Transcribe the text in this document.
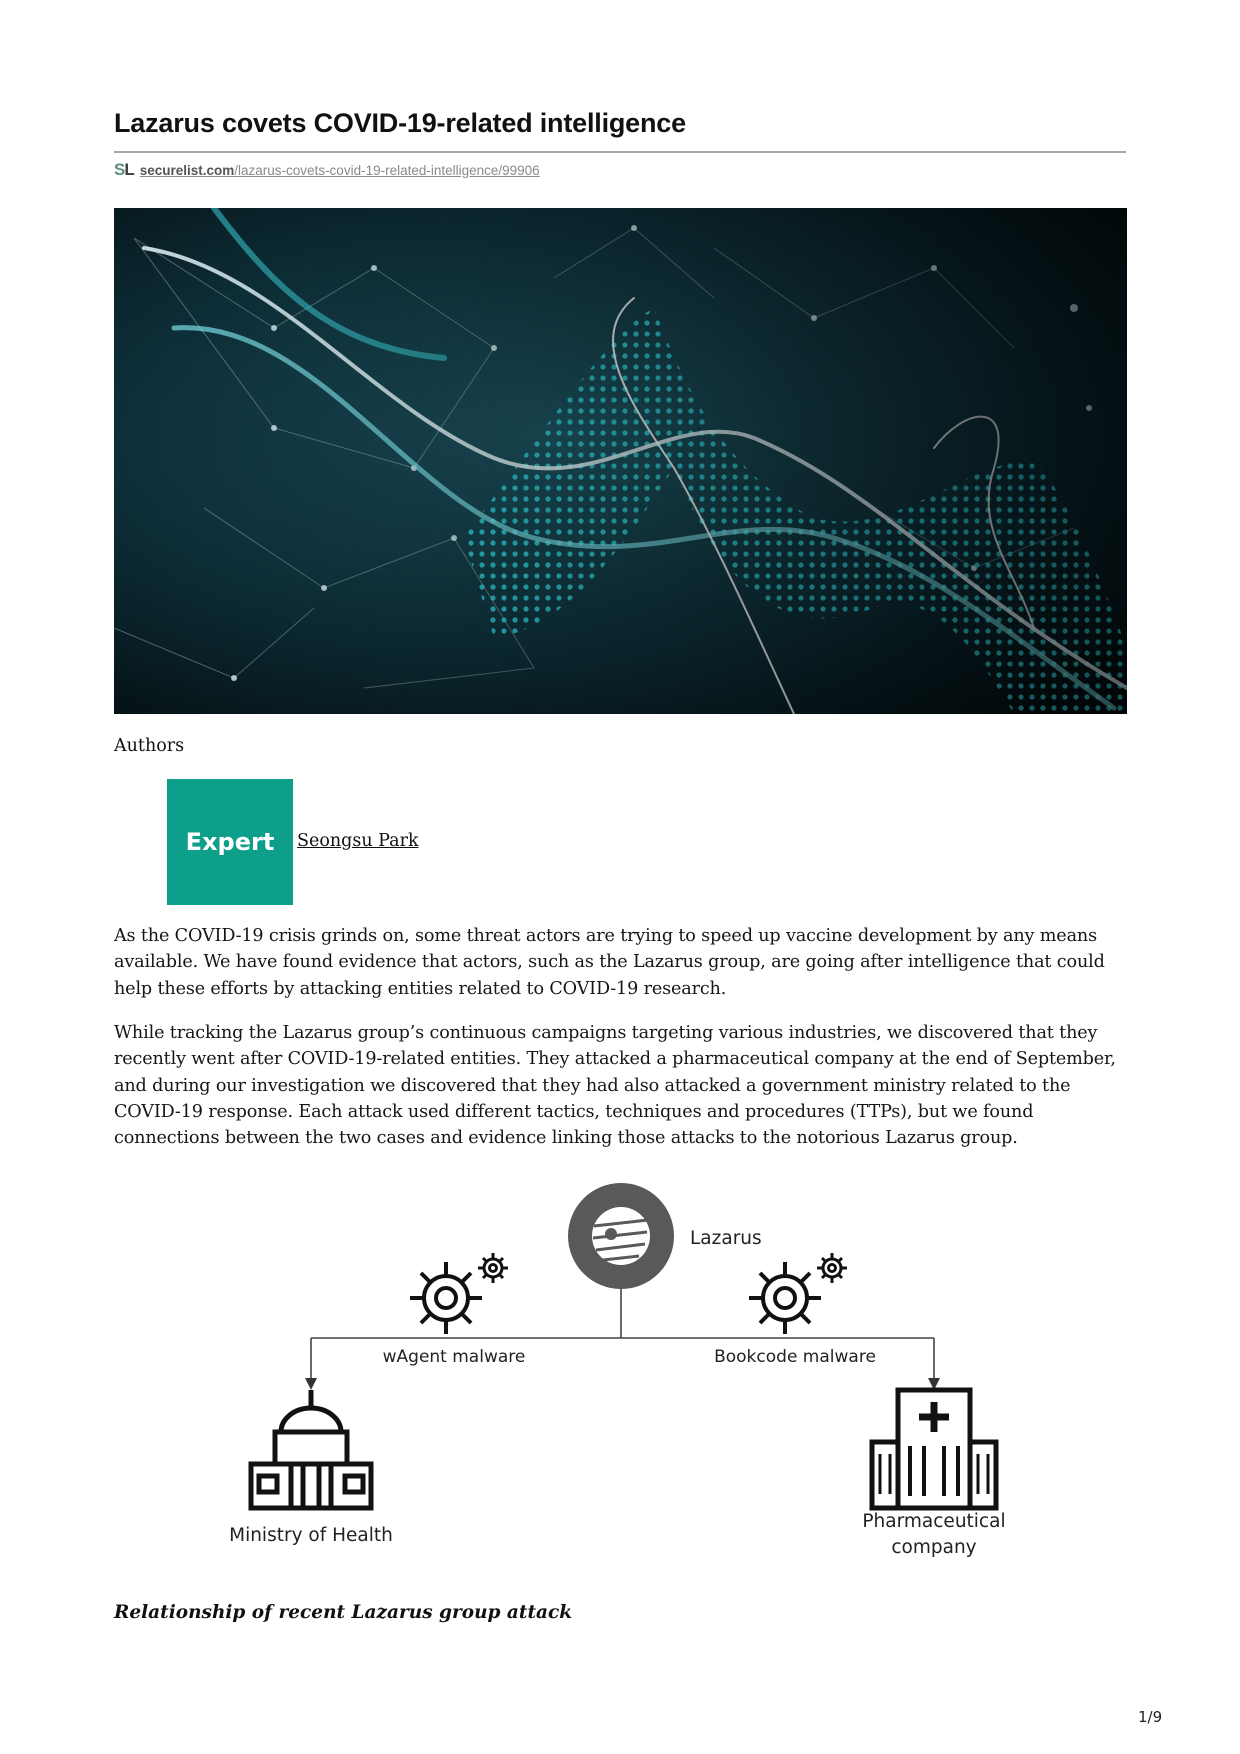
Lazarus covets COVID-19-related intelligence
SL securelist.com/lazarus-covets-covid-19-related-intelligence/99906

Authors

Expert	Seongsu Park

As the COVID-19 crisis grinds on, some threat actors are trying to speed up vaccine development by any means available. We have found evidence that actors, such as the Lazarus group, are going after intelligence that could help these efforts by attacking entities related to COVID-19 research.

While tracking the Lazarus group’s continuous campaigns targeting various industries, we discovered that they recently went after COVID-19-related entities. They attacked a pharmaceutical company at the end of September, and during our investigation we discovered that they had also attacked a government ministry related to the COVID-19 response. Each attack used different tactics, techniques and procedures (TTPs), but we found connections between the two cases and evidence linking those attacks to the notorious Lazarus group.

Lazarus
wAgent malware	Bookcode malware
Ministry of Health
Pharmaceutical
company

Relationship of recent Lazarus group attack

1/9
